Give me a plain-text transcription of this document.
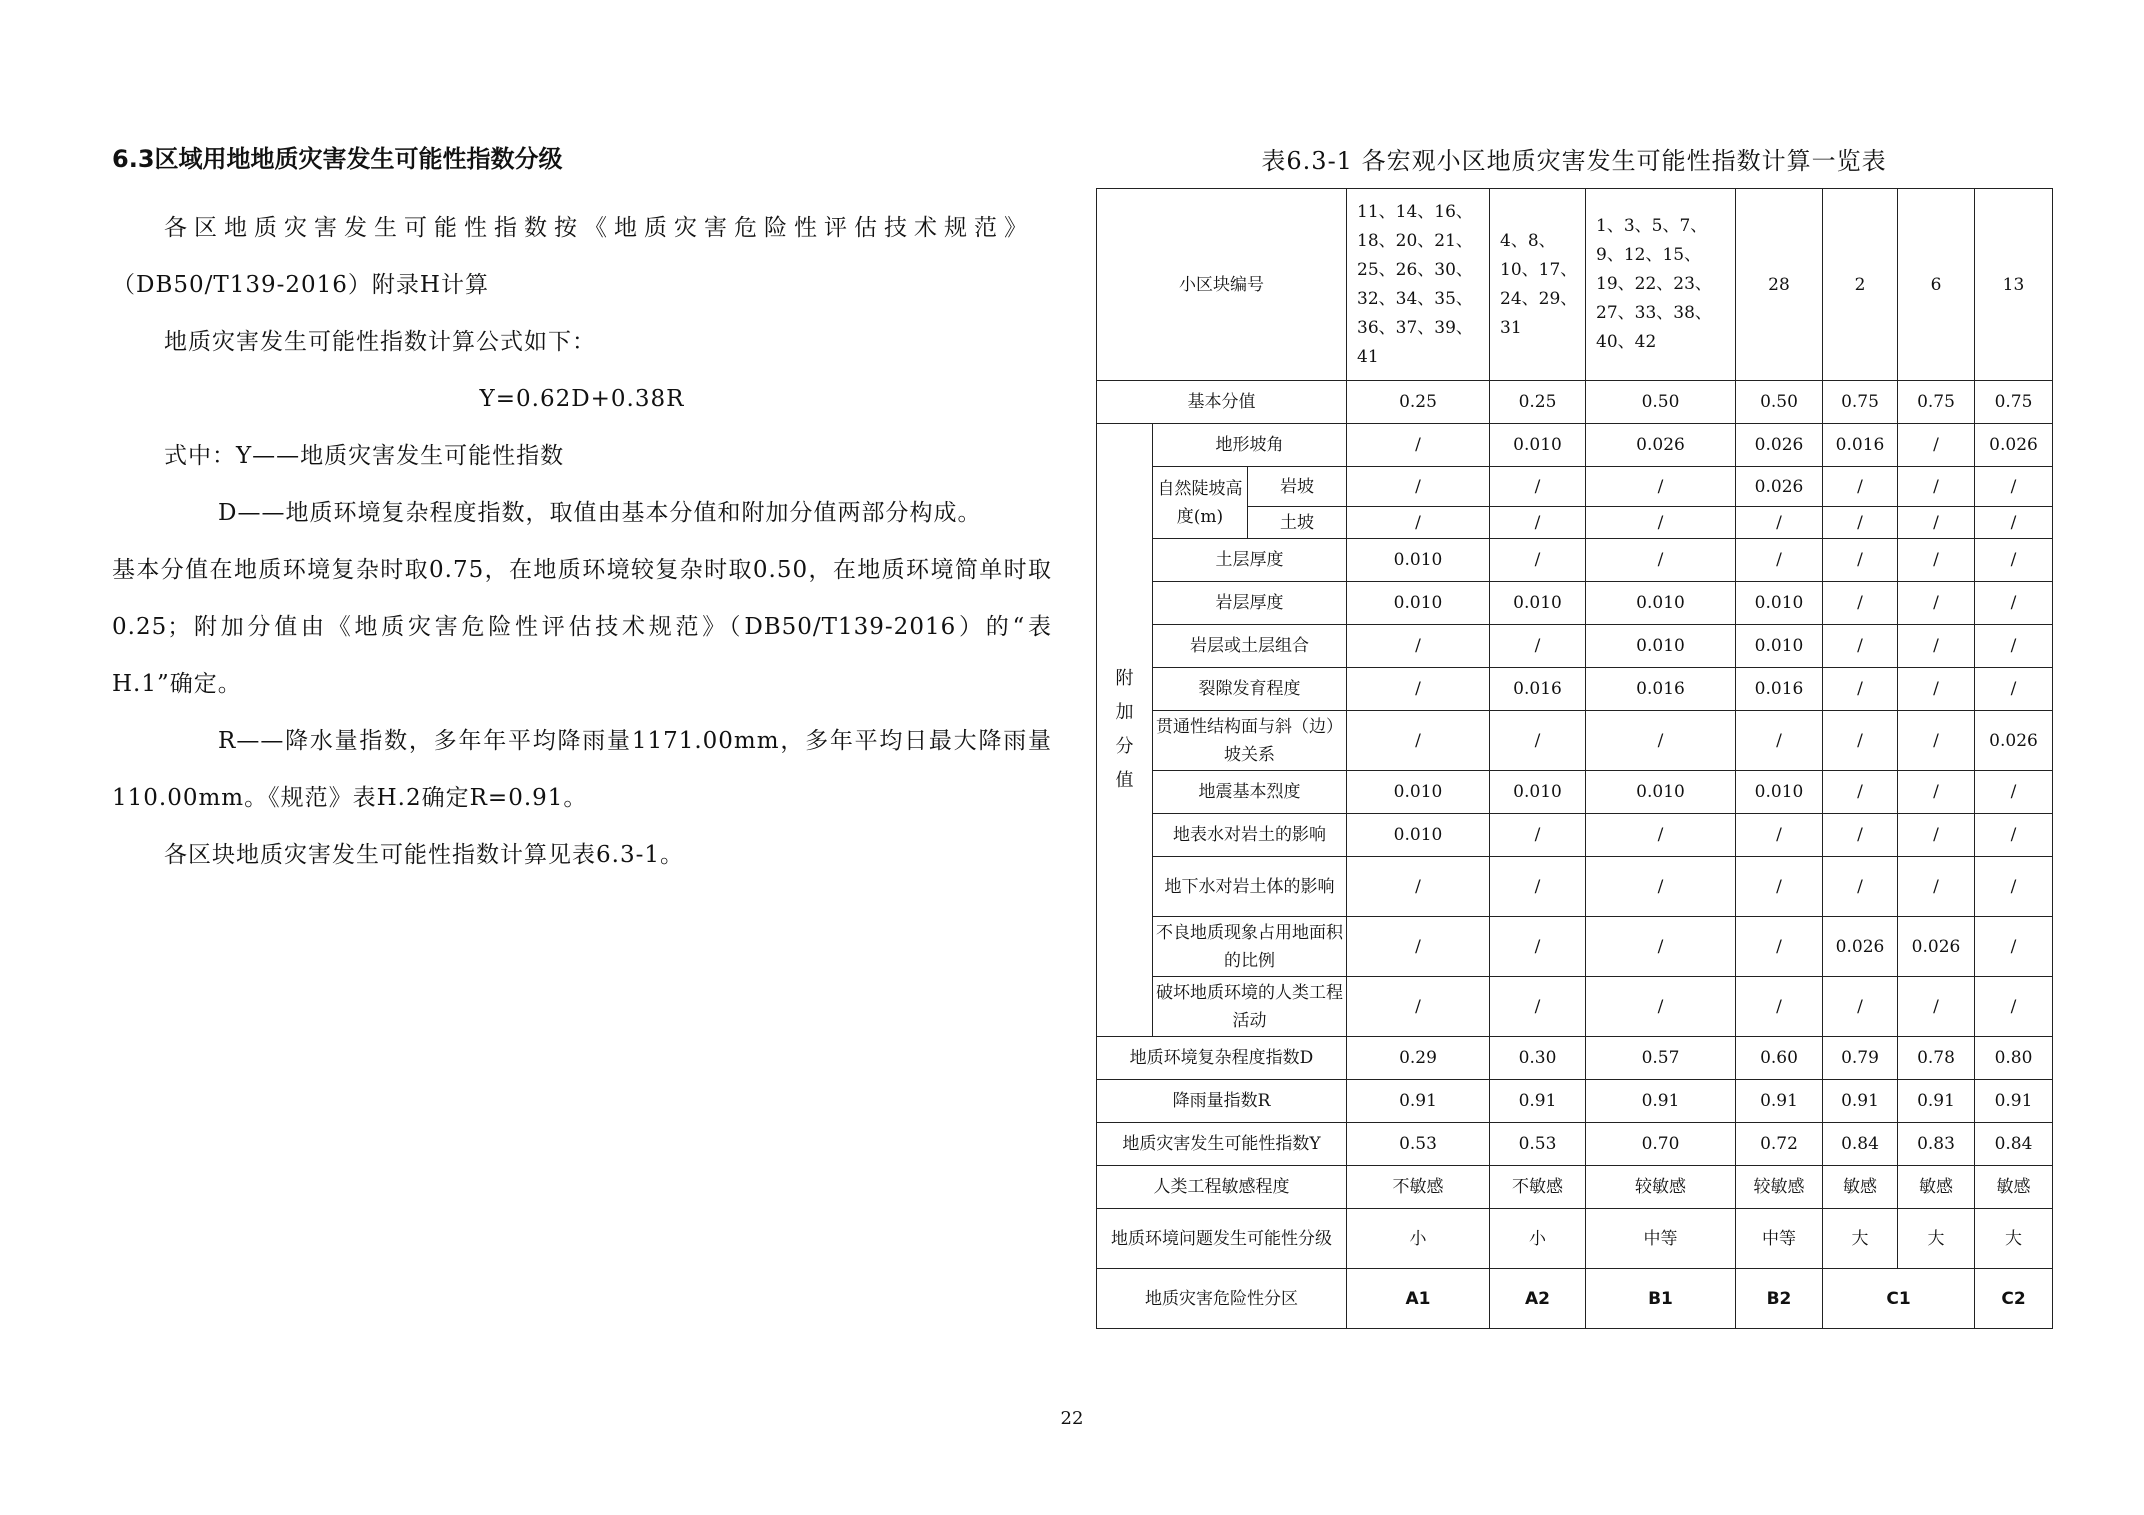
6.3区域用地地质灾害发生可能性指数分级

各区地质灾害发生可能性指数按《地质灾害危险性评估技术规范》

（DB50/T139-2016）附录H计算

地质灾害发生可能性指数计算公式如下：

Y=0.62D+0.38R

式中：Y——地质灾害发生可能性指数

D——地质环境复杂程度指数，取值由基本分值和附加分值两部分构成。

基本分值在地质环境复杂时取0.75，在地质环境较复杂时取0.50，在地质环境简单时取0.25；附加分值由《地质灾害危险性评估技术规范》（DB50/T139-2016）的“表H.1”确定。

R——降水量指数，多年年平均降雨量1171.00mm，多年平均日最大降雨量110.00mm。《规范》表H.2确定R=0.91。

各区块地质灾害发生可能性指数计算见表6.3-1。

表6.3-1 各宏观小区地质灾害发生可能性指数计算一览表
小区块编号			11、14、16、18、20、21、25、26、30、32、34、35、36、37、39、41	4、8、10、17、24、29、31	1、3、5、7、9、12、15、19、22、23、27、33、38、40、42	28	2	6	13
基本分值			0.25	0.25	0.50	0.50	0.75	0.75	0.75
附加分值	地形坡角		/	0.010	0.026	0.026	0.016	/	0.026
	自然陡坡高度(m)	岩坡	/	/	/	0.026	/	/	/
		土坡	/	/	/	/	/	/	/
	土层厚度		0.010	/	/	/	/	/	/
	岩层厚度		0.010	0.010	0.010	0.010	/	/	/
	岩层或土层组合		/	/	0.010	0.010	/	/	/
	裂隙发育程度		/	0.016	0.016	0.016	/	/	/
	贯通性结构面与斜（边）坡关系		/	/	/	/	/	/	0.026
	地震基本烈度		0.010	0.010	0.010	0.010	/	/	/
	地表水对岩土的影响		0.010	/	/	/	/	/	/
	地下水对岩土体的影响		/	/	/	/	/	/	/
	不良地质现象占用地面积的比例		/	/	/	/	0.026	0.026	/
	破坏地质环境的人类工程活动		/	/	/	/	/	/	/
地质环境复杂程度指数D			0.29	0.30	0.57	0.60	0.79	0.78	0.80
降雨量指数R			0.91	0.91	0.91	0.91	0.91	0.91	0.91
地质灾害发生可能性指数Y			0.53	0.53	0.70	0.72	0.84	0.83	0.84
人类工程敏感程度			不敏感	不敏感	较敏感	较敏感	敏感	敏感	敏感
地质环境问题发生可能性分级			小	小	中等	中等	大	大	大
地质灾害危险性分区			A1	A2	B1	B2	C1		C2
22
